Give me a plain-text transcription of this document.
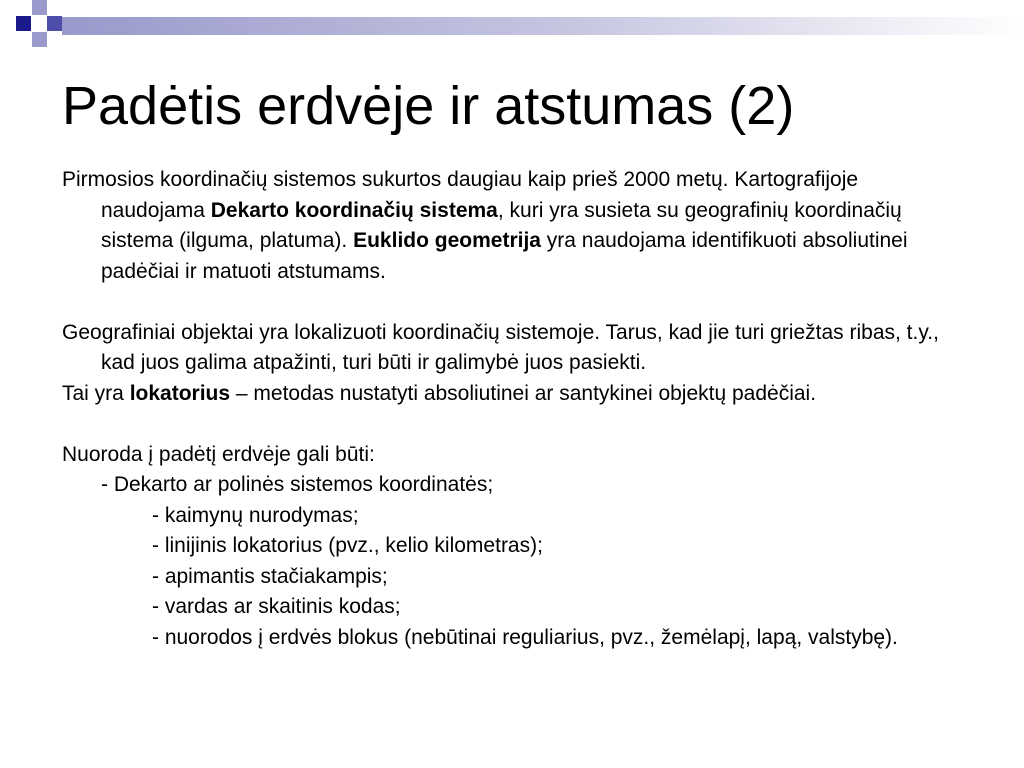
Padėtis erdvėje ir atstumas (2)

Pirmosios koordinačių sistemos sukurtos daugiau kaip prieš 2000 metų. Kartografijoje naudojama Dekarto koordinačių sistema, kuri yra susieta su geografinių koordinačių sistema (ilguma, platuma). Euklido geometrija yra naudojama identifikuoti absoliutinei padėčiai ir matuoti atstumams.

Geografiniai objektai yra lokalizuoti koordinačių sistemoje. Tarus, kad jie turi griežtas ribas, t.y., kad juos galima atpažinti, turi būti ir galimybė juos pasiekti.

Tai yra lokatorius – metodas nustatyti absoliutinei ar santykinei objektų padėčiai.

Nuoroda į padėtį erdvėje gali būti:

- Dekarto ar polinės sistemos koordinatės;

- kaimynų nurodymas;

- linijinis lokatorius (pvz., kelio kilometras);

- apimantis stačiakampis;

- vardas ar skaitinis kodas;

- nuorodos į erdvės blokus (nebūtinai reguliarius, pvz., žemėlapį, lapą, valstybę).
